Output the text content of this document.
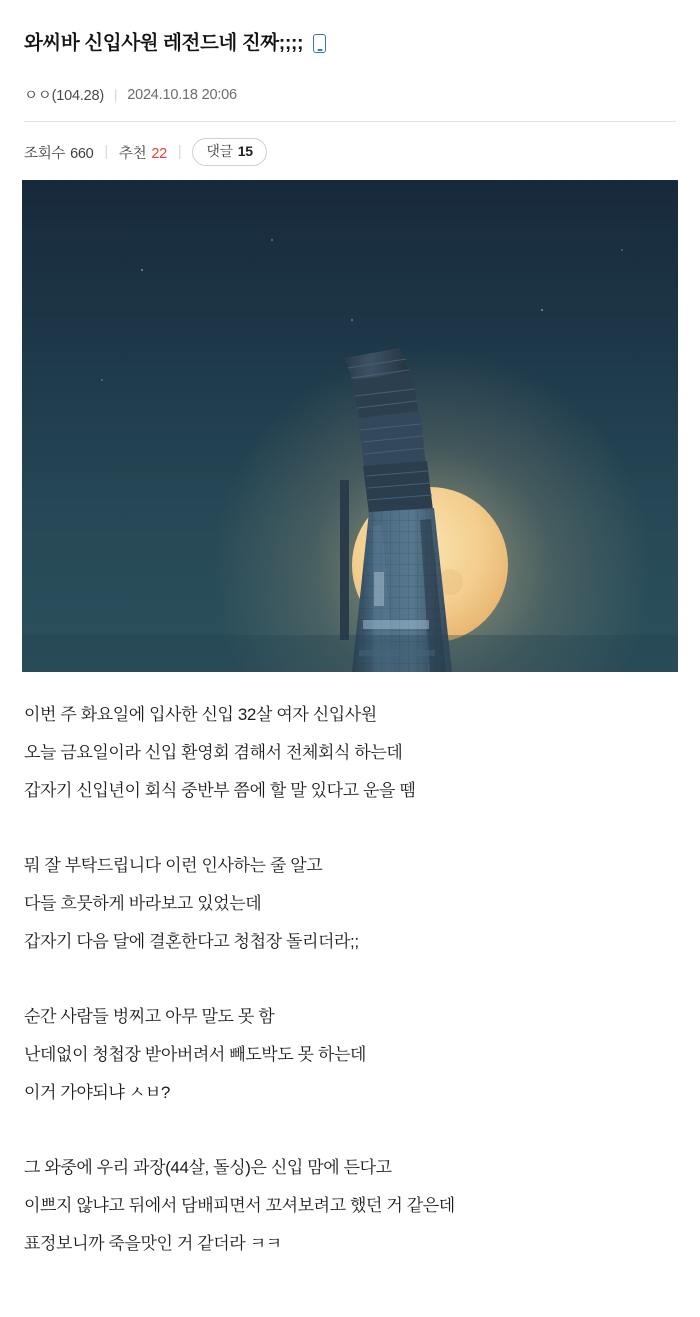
와씨바 신입사원 레전드네 진짜;;;;
ㅇㅇ(104.28) | 2024.10.18 20:06
조회수 660 | 추천 22 | 댓글 15
이번 주 화요일에 입사한 신입 32살 여자 신입사원
오늘 금요일이라 신입 환영회 겸해서 전체회식 하는데
갑자기 신입년이 회식 중반부 쯤에 할 말 있다고 운을 뗌

뭐 잘 부탁드립니다 이런 인사하는 줄 알고
다들 흐뭇하게 바라보고 있었는데
갑자기 다음 달에 결혼한다고 청첩장 돌리더라;;

순간 사람들 벙찌고 아무 말도 못 함
난데없이 청첩장 받아버려서 빼도박도 못 하는데
이거 가야되냐 ㅅㅂ?

그 와중에 우리 과장(44살, 돌싱)은 신입 맘에 든다고
이쁘지 않냐고 뒤에서 담배피면서 꼬셔보려고 했던 거 같은데
표정보니까 죽을맛인 거 같더라 ㅋㅋ
